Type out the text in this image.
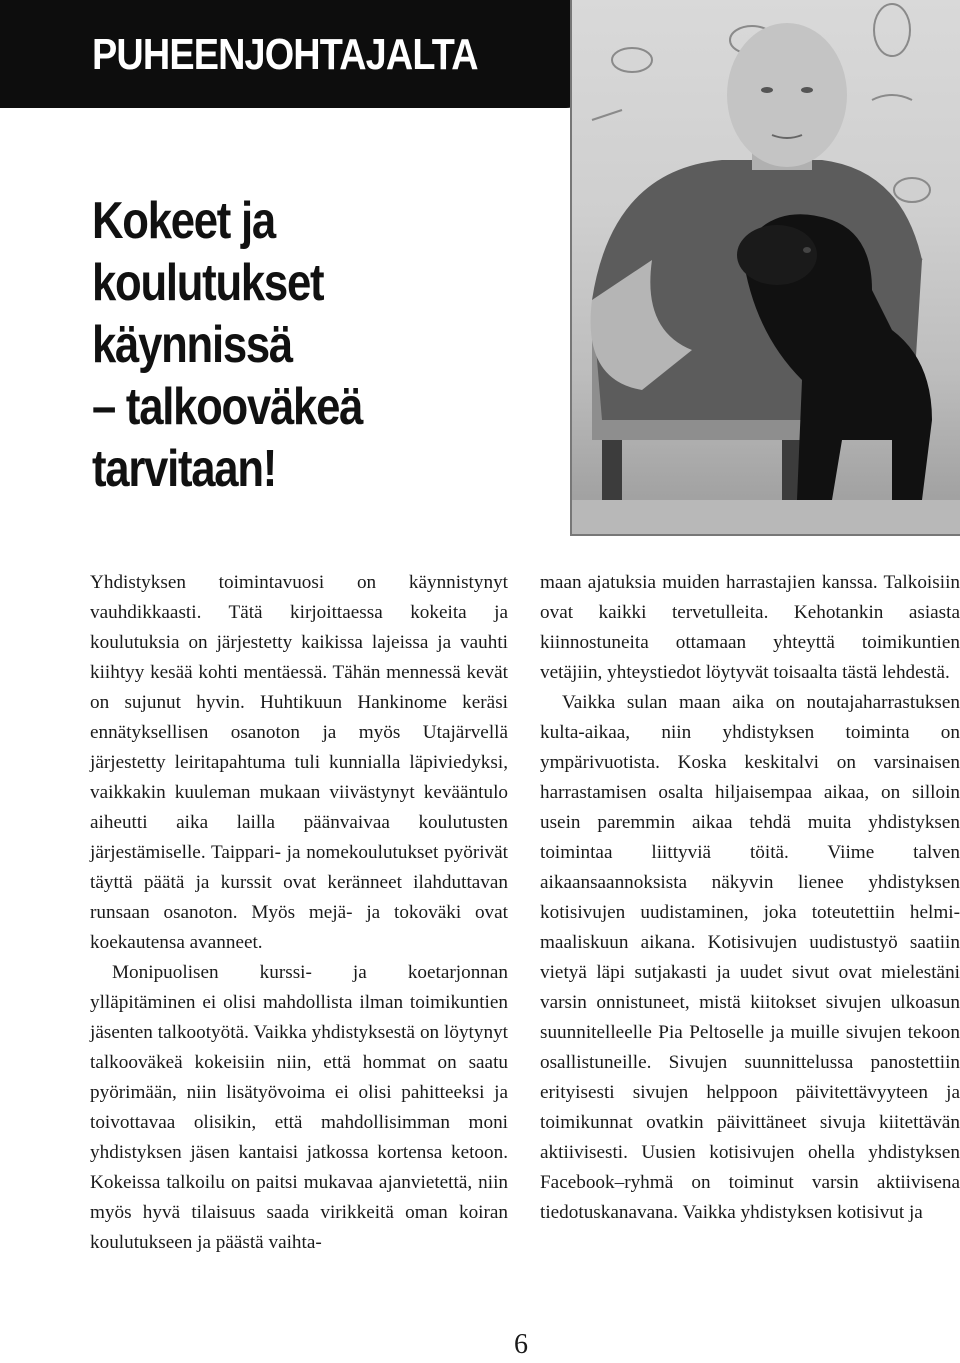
PUHEENJOHTAJALTA
Kokeet ja
koulutukset
käynnissä
– talkooväkeä
tarvitaan!

Yhdistyksen toimintavuosi on käynnistynyt vauhdikkaasti. Tätä kirjoittaessa kokeita ja koulutuksia on järjestetty kaikissa lajeissa ja vauhti kiihtyy kesää kohti mentäessä. Tähän mennessä kevät on sujunut hyvin. Huhtikuun Hankinome keräsi ennätyksellisen osanoton ja myös Utajärvellä järjestetty leiritapahtuma tuli kunnialla läpiviedyksi, vaikkakin kuuleman mukaan viivästynyt kevääntulo aiheutti aika lailla päänvaivaa koulutusten järjestämiselle. Taippari- ja nomekoulutukset pyörivät täyttä päätä ja kurssit ovat keränneet ilahduttavan runsaan osanoton. Myös mejä- ja tokoväki ovat koekautensa avanneet.

Monipuolisen kurssi- ja koetarjonnan ylläpitäminen ei olisi mahdollista ilman toimikuntien jäsenten talkootyötä. Vaikka yhdistyksestä on löytynyt talkooväkeä kokeisiin niin, että hommat on saatu pyörimään, niin lisätyövoima ei olisi pahitteeksi ja toivottavaa olisikin, että mahdollisimman moni yhdistyksen jäsen kantaisi jatkossa kortensa ketoon. Kokeissa talkoilu on paitsi mukavaa ajanvietettä, niin myös hyvä tilaisuus saada virikkeitä oman koiran koulutukseen ja päästä vaihta-

maan ajatuksia muiden harrastajien kanssa. Talkoisiin ovat kaikki tervetulleita. Kehotankin asiasta kiinnostuneita ottamaan yhteyttä toimikuntien vetäjiin, yhteystiedot löytyvät toisaalta tästä lehdestä.

Vaikka sulan maan aika on noutajaharrastuksen kulta-aikaa, niin yhdistyksen toiminta on ympärivuotista. Koska keskitalvi on varsinaisen harrastamisen osalta hiljaisempaa aikaa, on silloin usein paremmin aikaa tehdä muita yhdistyksen toimintaa liittyviä töitä. Viime talven aikaansaannoksista näkyvin lienee yhdistyksen kotisivujen uudistaminen, joka toteutettiin helmi-maaliskuun aikana. Kotisivujen uudistustyö saatiin vietyä läpi sutjakasti ja uudet sivut ovat mielestäni varsin onnistuneet, mistä kiitokset sivujen ulkoasun suunnitelleelle Pia Peltoselle ja muille sivujen tekoon osallistuneille. Sivujen suunnittelussa panostettiin erityisesti sivujen helppoon päivitettävyyteen ja toimikunnat ovatkin päivittäneet sivuja kiitettävän aktiivisesti. Uusien kotisivujen ohella yhdistyksen Facebook–ryhmä on toiminut varsin aktiivisena tiedotuskanavana. Vaikka yhdistyksen kotisivut ja

6
